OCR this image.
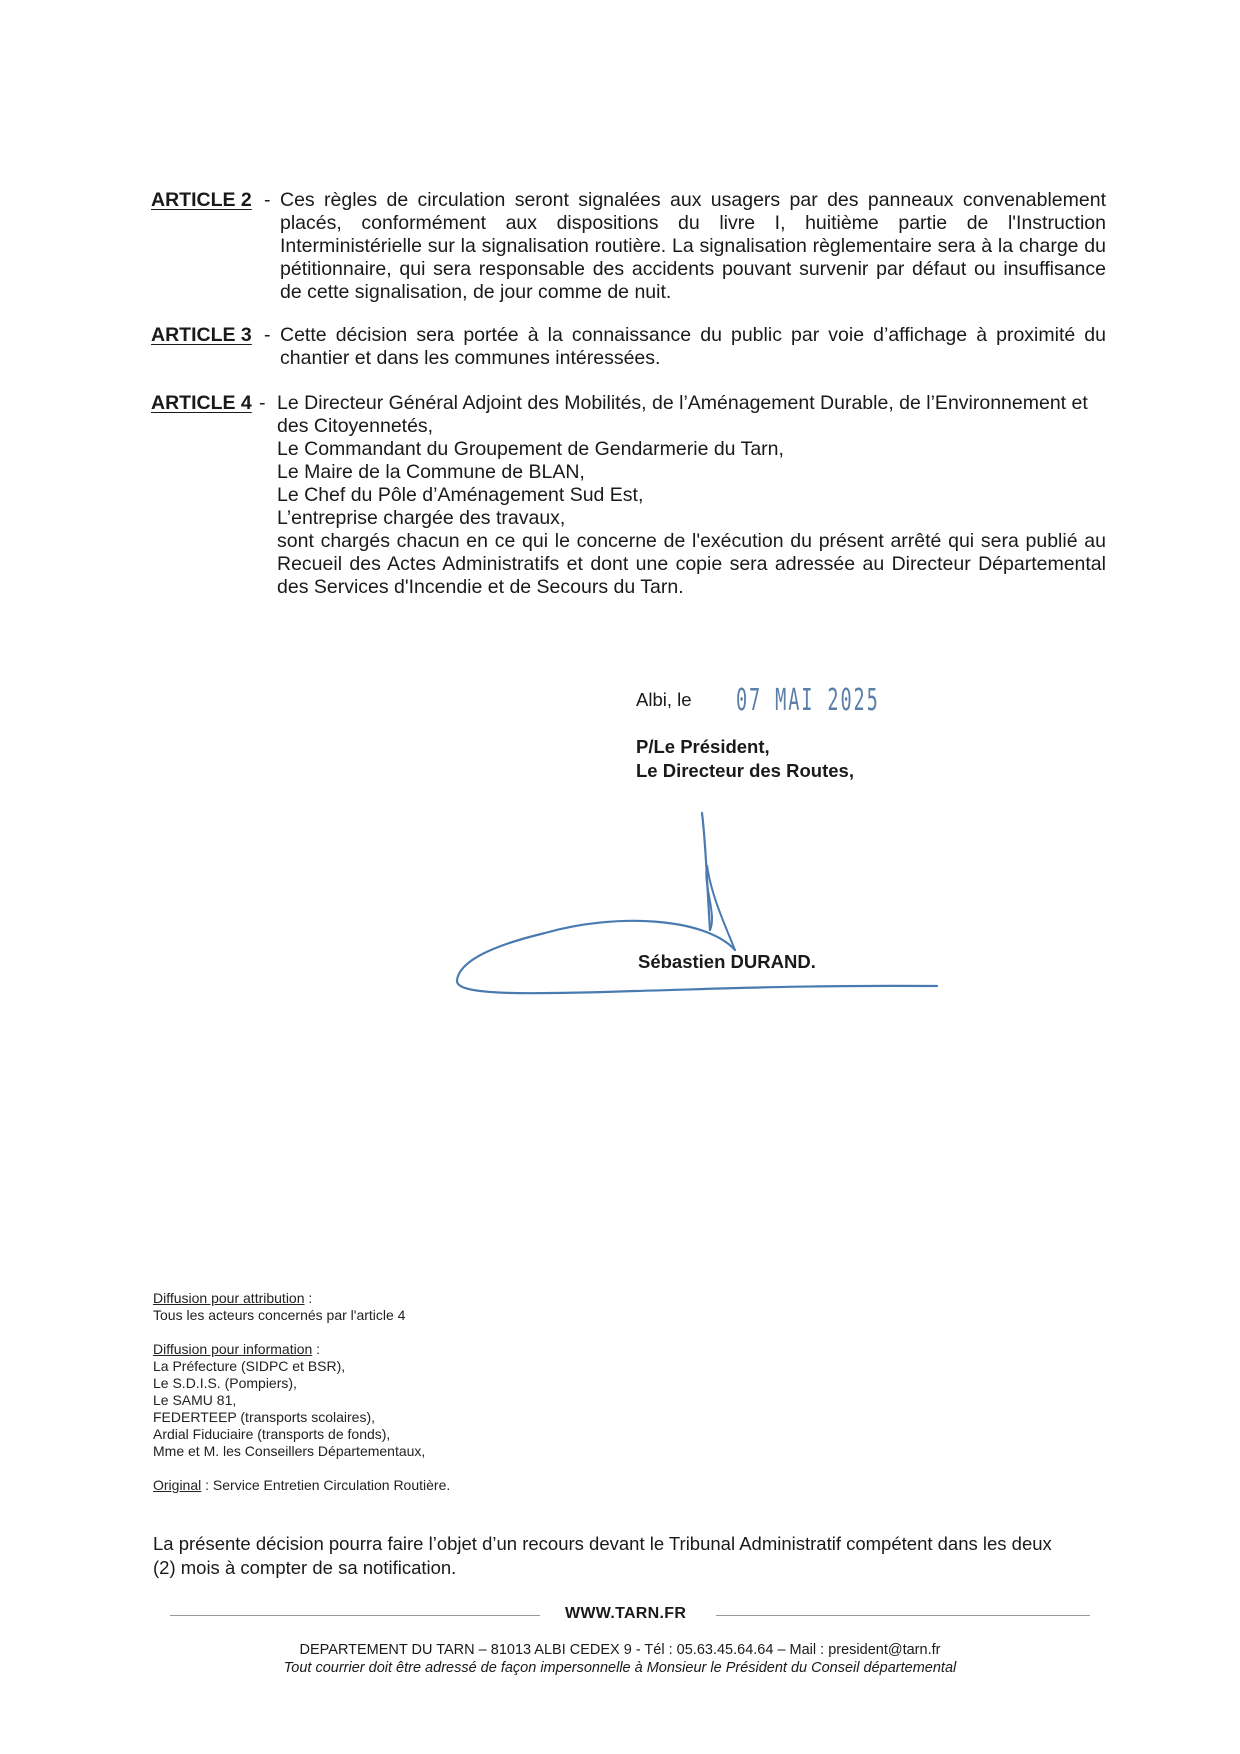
ARTICLE 2 - Ces règles de circulation seront signalées aux usagers par des panneaux convenablement placés, conformément aux dispositions du livre I, huitième partie de l'Instruction Interministérielle sur la signalisation routière. La signalisation règlementaire sera à la charge du pétitionnaire, qui sera responsable des accidents pouvant survenir par défaut ou insuffisance de cette signalisation, de jour comme de nuit.

ARTICLE 3 - Cette décision sera portée à la connaissance du public par voie d’affichage à proximité du chantier et dans les communes intéressées.

ARTICLE 4 - Le Directeur Général Adjoint des Mobilités, de l’Aménagement Durable, de l’Environnement et des Citoyennetés,

Le Commandant du Groupement de Gendarmerie du Tarn,

Le Maire de la Commune de BLAN,

Le Chef du Pôle d’Aménagement Sud Est,

L’entreprise chargée des travaux,

sont chargés chacun en ce qui le concerne de l'exécution du présent arrêté qui sera publié au Recueil des Actes Administratifs et dont une copie sera adressée au Directeur Départemental des Services d'Incendie et de Secours du Tarn.

Albi, le 07 MAI 2025

P/Le Président,

Le Directeur des Routes,

Sébastien DURAND.

Diffusion pour attribution :

Tous les acteurs concernés par l'article 4

Diffusion pour information :

La Préfecture (SIDPC et BSR),

Le S.D.I.S. (Pompiers),

Le SAMU 81,

FEDERTEEP (transports scolaires),

Ardial Fiduciaire (transports de fonds),

Mme et M. les Conseillers Départementaux,

Original : Service Entretien Circulation Routière.

La présente décision pourra faire l’objet d’un recours devant le Tribunal Administratif compétent dans les deux (2) mois à compter de sa notification.

WWW.TARN.FR
DEPARTEMENT DU TARN – 81013 ALBI CEDEX 9 - Tél : 05.63.45.64.64 – Mail : president@tarn.fr
Tout courrier doit être adressé de façon impersonnelle à Monsieur le Président du Conseil départemental
